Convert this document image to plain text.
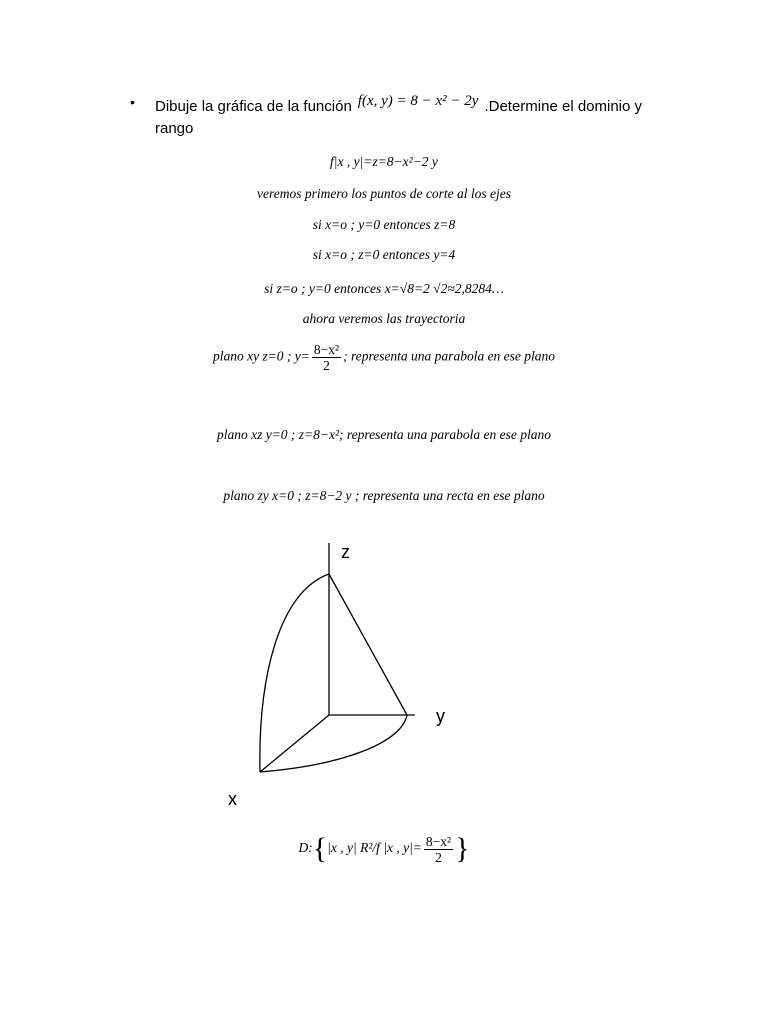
• Dibuje la gráfica de la función f(x, y) = 8 − x² − 2y .Determine el dominio y rango
f|x , y|=z=8−x²−2 y
veremos primero los puntos de corte al los ejes
si x=o ; y=0 entonces z=8
si x=o ; z=0 entonces y=4
si z=o ; y=0 entonces x=√8=2 √2≈2,8284…
ahora veremos las trayectoria
plano xy z=0 ; $y= \frac{\text{8−x²}}{2}$ ; representa una parabola en ese plano
plano xz y=0 ; z=8−x²; representa una parabola en ese plano
plano zy x=0 ; z=8−2 y ; representa una recta en ese plano
z
y
x
D:{|x , y| R²/f |x , $y|= \frac{\text{8−x²}}{2}$ }
